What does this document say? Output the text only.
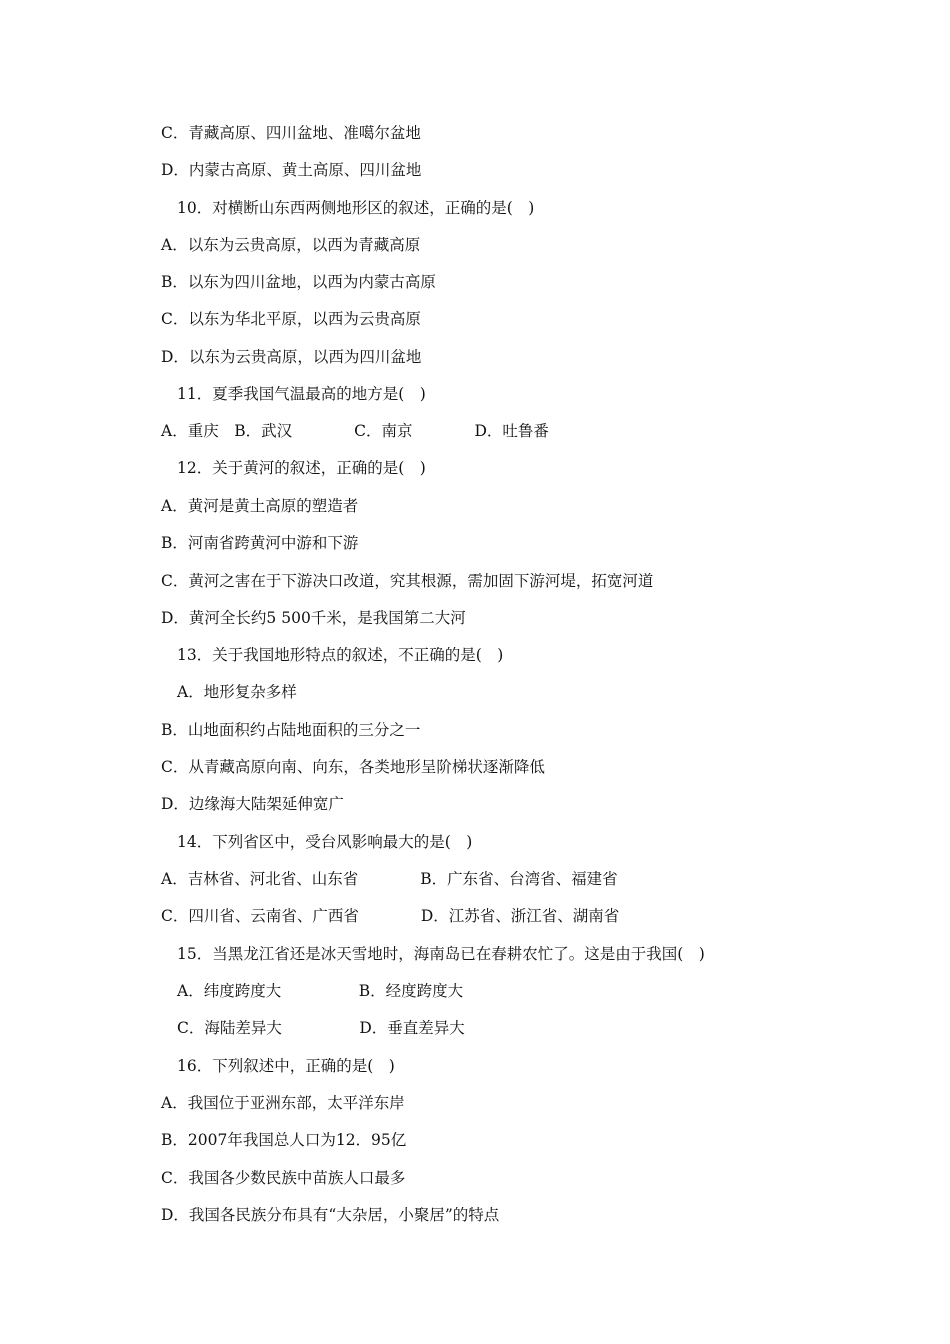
C．青藏高原、四川盆地、准噶尔盆地
D．内蒙古高原、黄土高原、四川盆地
10．对横断山东西两侧地形区的叙述，正确的是(　)
A．以东为云贵高原，以西为青藏高原
B．以东为四川盆地，以西为内蒙古高原
C．以东为华北平原，以西为云贵高原
D．以东为云贵高原，以西为四川盆地
11．夏季我国气温最高的地方是(　)
A．重庆　B．武汉　　　　C．南京　　　　D．吐鲁番
12．关于黄河的叙述，正确的是(　)
A．黄河是黄土高原的塑造者
B．河南省跨黄河中游和下游
C．黄河之害在于下游决口改道，究其根源，需加固下游河堤，拓宽河道
D．黄河全长约5 500千米，是我国第二大河
13．关于我国地形特点的叙述，不正确的是(　)
A．地形复杂多样
B．山地面积约占陆地面积的三分之一
C．从青藏高原向南、向东，各类地形呈阶梯状逐渐降低
D．边缘海大陆架延伸宽广
14．下列省区中，受台风影响最大的是(　)
A．吉林省、河北省、山东省　　　　B．广东省、台湾省、福建省
C．四川省、云南省、广西省　　　　D．江苏省、浙江省、湖南省
15．当黑龙江省还是冰天雪地时，海南岛已在春耕农忙了。这是由于我国(　)
A．纬度跨度大　　　　　B．经度跨度大
C．海陆差异大　　　　　D．垂直差异大
16．下列叙述中，正确的是(　)
A．我国位于亚洲东部，太平洋东岸
B．2007年我国总人口为12．95亿
C．我国各少数民族中苗族人口最多
D．我国各民族分布具有“大杂居，小聚居”的特点
